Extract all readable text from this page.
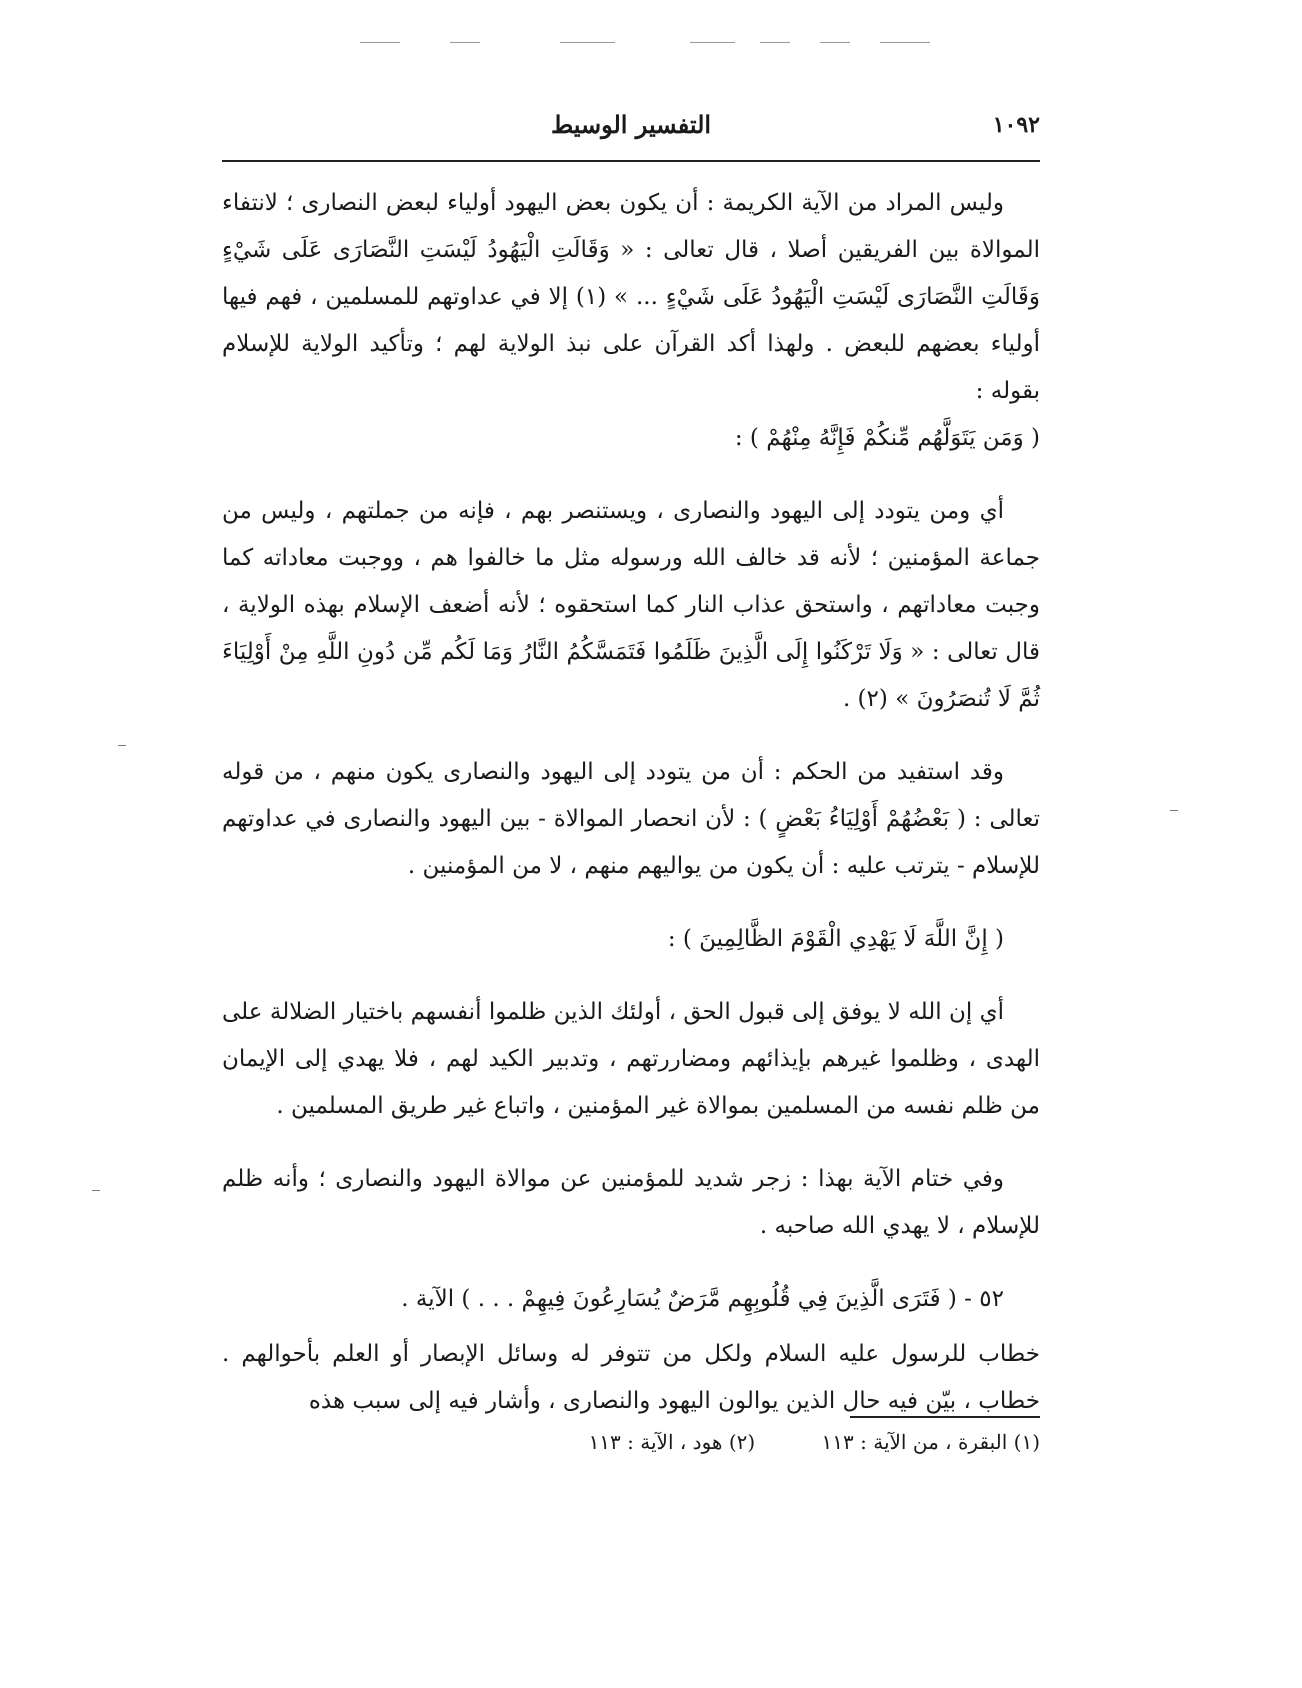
١٠٩٢
التفسير الوسيط

وليس المراد من الآية الكريمة : أن يكون بعض اليهود أولياء لبعض النصارى ؛ لانتفاء الموالاة بين الفريقين أصلا ، قال تعالى : « وَقَالَتِ الْيَهُودُ لَيْسَتِ النَّصَارَى عَلَى شَيْءٍ وَقَالَتِ النَّصَارَى لَيْسَتِ الْيَهُودُ عَلَى شَيْءٍ ... » (١) إلا في عداوتهم للمسلمين ، فهم فيها أولياء بعضهم للبعض . ولهذا أكد القرآن على نبذ الولاية لهم ؛ وتأكيد الولاية للإسلام بقوله :

( وَمَن يَتَوَلَّهُم مِّنكُمْ فَإِنَّهُ مِنْهُمْ ) :

أي ومن يتودد إلى اليهود والنصارى ، ويستنصر بهم ، فإنه من جملتهم ، وليس من جماعة المؤمنين ؛ لأنه قد خالف الله ورسوله مثل ما خالفوا هم ، ووجبت معاداته كما وجبت معاداتهم ، واستحق عذاب النار كما استحقوه ؛ لأنه أضعف الإسلام بهذه الولاية ، قال تعالى : « وَلَا تَرْكَنُوا إِلَى الَّذِينَ ظَلَمُوا فَتَمَسَّكُمُ النَّارُ وَمَا لَكُم مِّن دُونِ اللَّهِ مِنْ أَوْلِيَاءَ ثُمَّ لَا تُنصَرُونَ » (٢) .

وقد استفيد من الحكم : أن من يتودد إلى اليهود والنصارى يكون منهم ، من قوله تعالى : ( بَعْضُهُمْ أَوْلِيَاءُ بَعْضٍ ) : لأن انحصار الموالاة - بين اليهود والنصارى في عداوتهم للإسلام - يترتب عليه : أن يكون من يواليهم منهم ، لا من المؤمنين .

( إِنَّ اللَّهَ لَا يَهْدِي الْقَوْمَ الظَّالِمِينَ ) :

أي إن الله لا يوفق إلى قبول الحق ، أولئك الذين ظلموا أنفسهم باختيار الضلالة على الهدى ، وظلموا غيرهم بإيذائهم ومضاررتهم ، وتدبير الكيد لهم ، فلا يهدي إلى الإيمان من ظلم نفسه من المسلمين بموالاة غير المؤمنين ، واتباع غير طريق المسلمين .

وفي ختام الآية بهذا : زجر شديد للمؤمنين عن موالاة اليهود والنصارى ؛ وأنه ظلم للإسلام ، لا يهدي الله صاحبه .

٥٢ - ( فَتَرَى الَّذِينَ فِي قُلُوبِهِم مَّرَضٌ يُسَارِعُونَ فِيهِمْ . . . ) الآية .

خطاب للرسول عليه السلام ولكل من تتوفر له وسائل الإبصار أو العلم بأحوالهم . خطاب ، بيّن فيه حال الذين يوالون اليهود والنصارى ، وأشار فيه إلى سبب هذه

(١) البقرة ، من الآية : ١١٣ (٢) هود ، الآية : ١١٣
